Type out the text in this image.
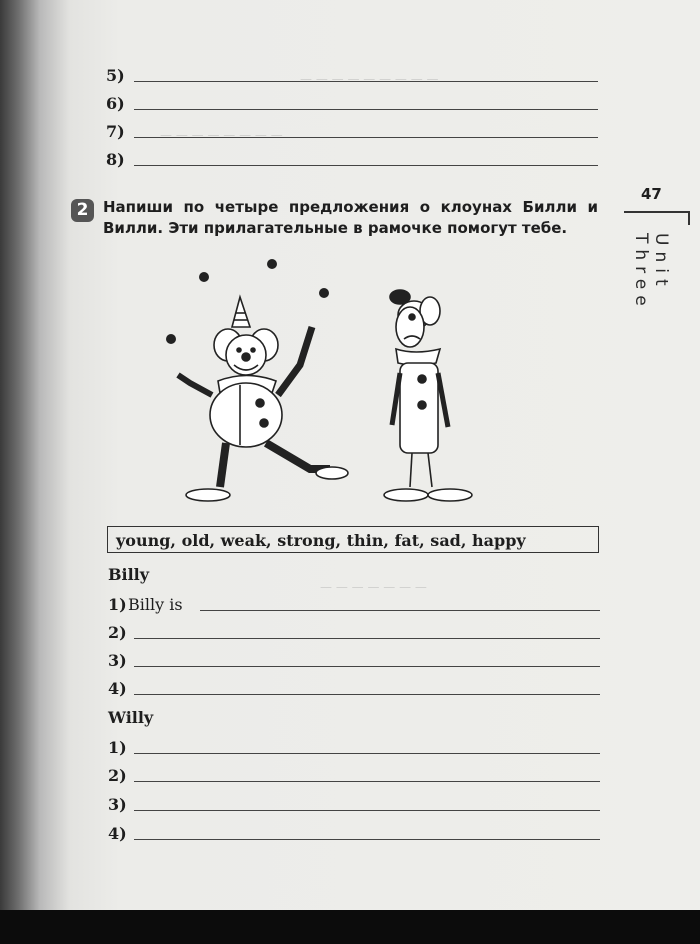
— — — — — — — — —
— — — — — — — —
— — — — — — —
5)
6)
7)
8)
47
Unit Three
2 Напиши по четыре предложения о клоунах Билли и Вилли. Эти прилагательные в рамочке помогут тебе.
young, old, weak, strong, thin, fat, sad, happy
Billy
1) Billy is
2)
3)
4)
Willy
1)
2)
3)
4)
